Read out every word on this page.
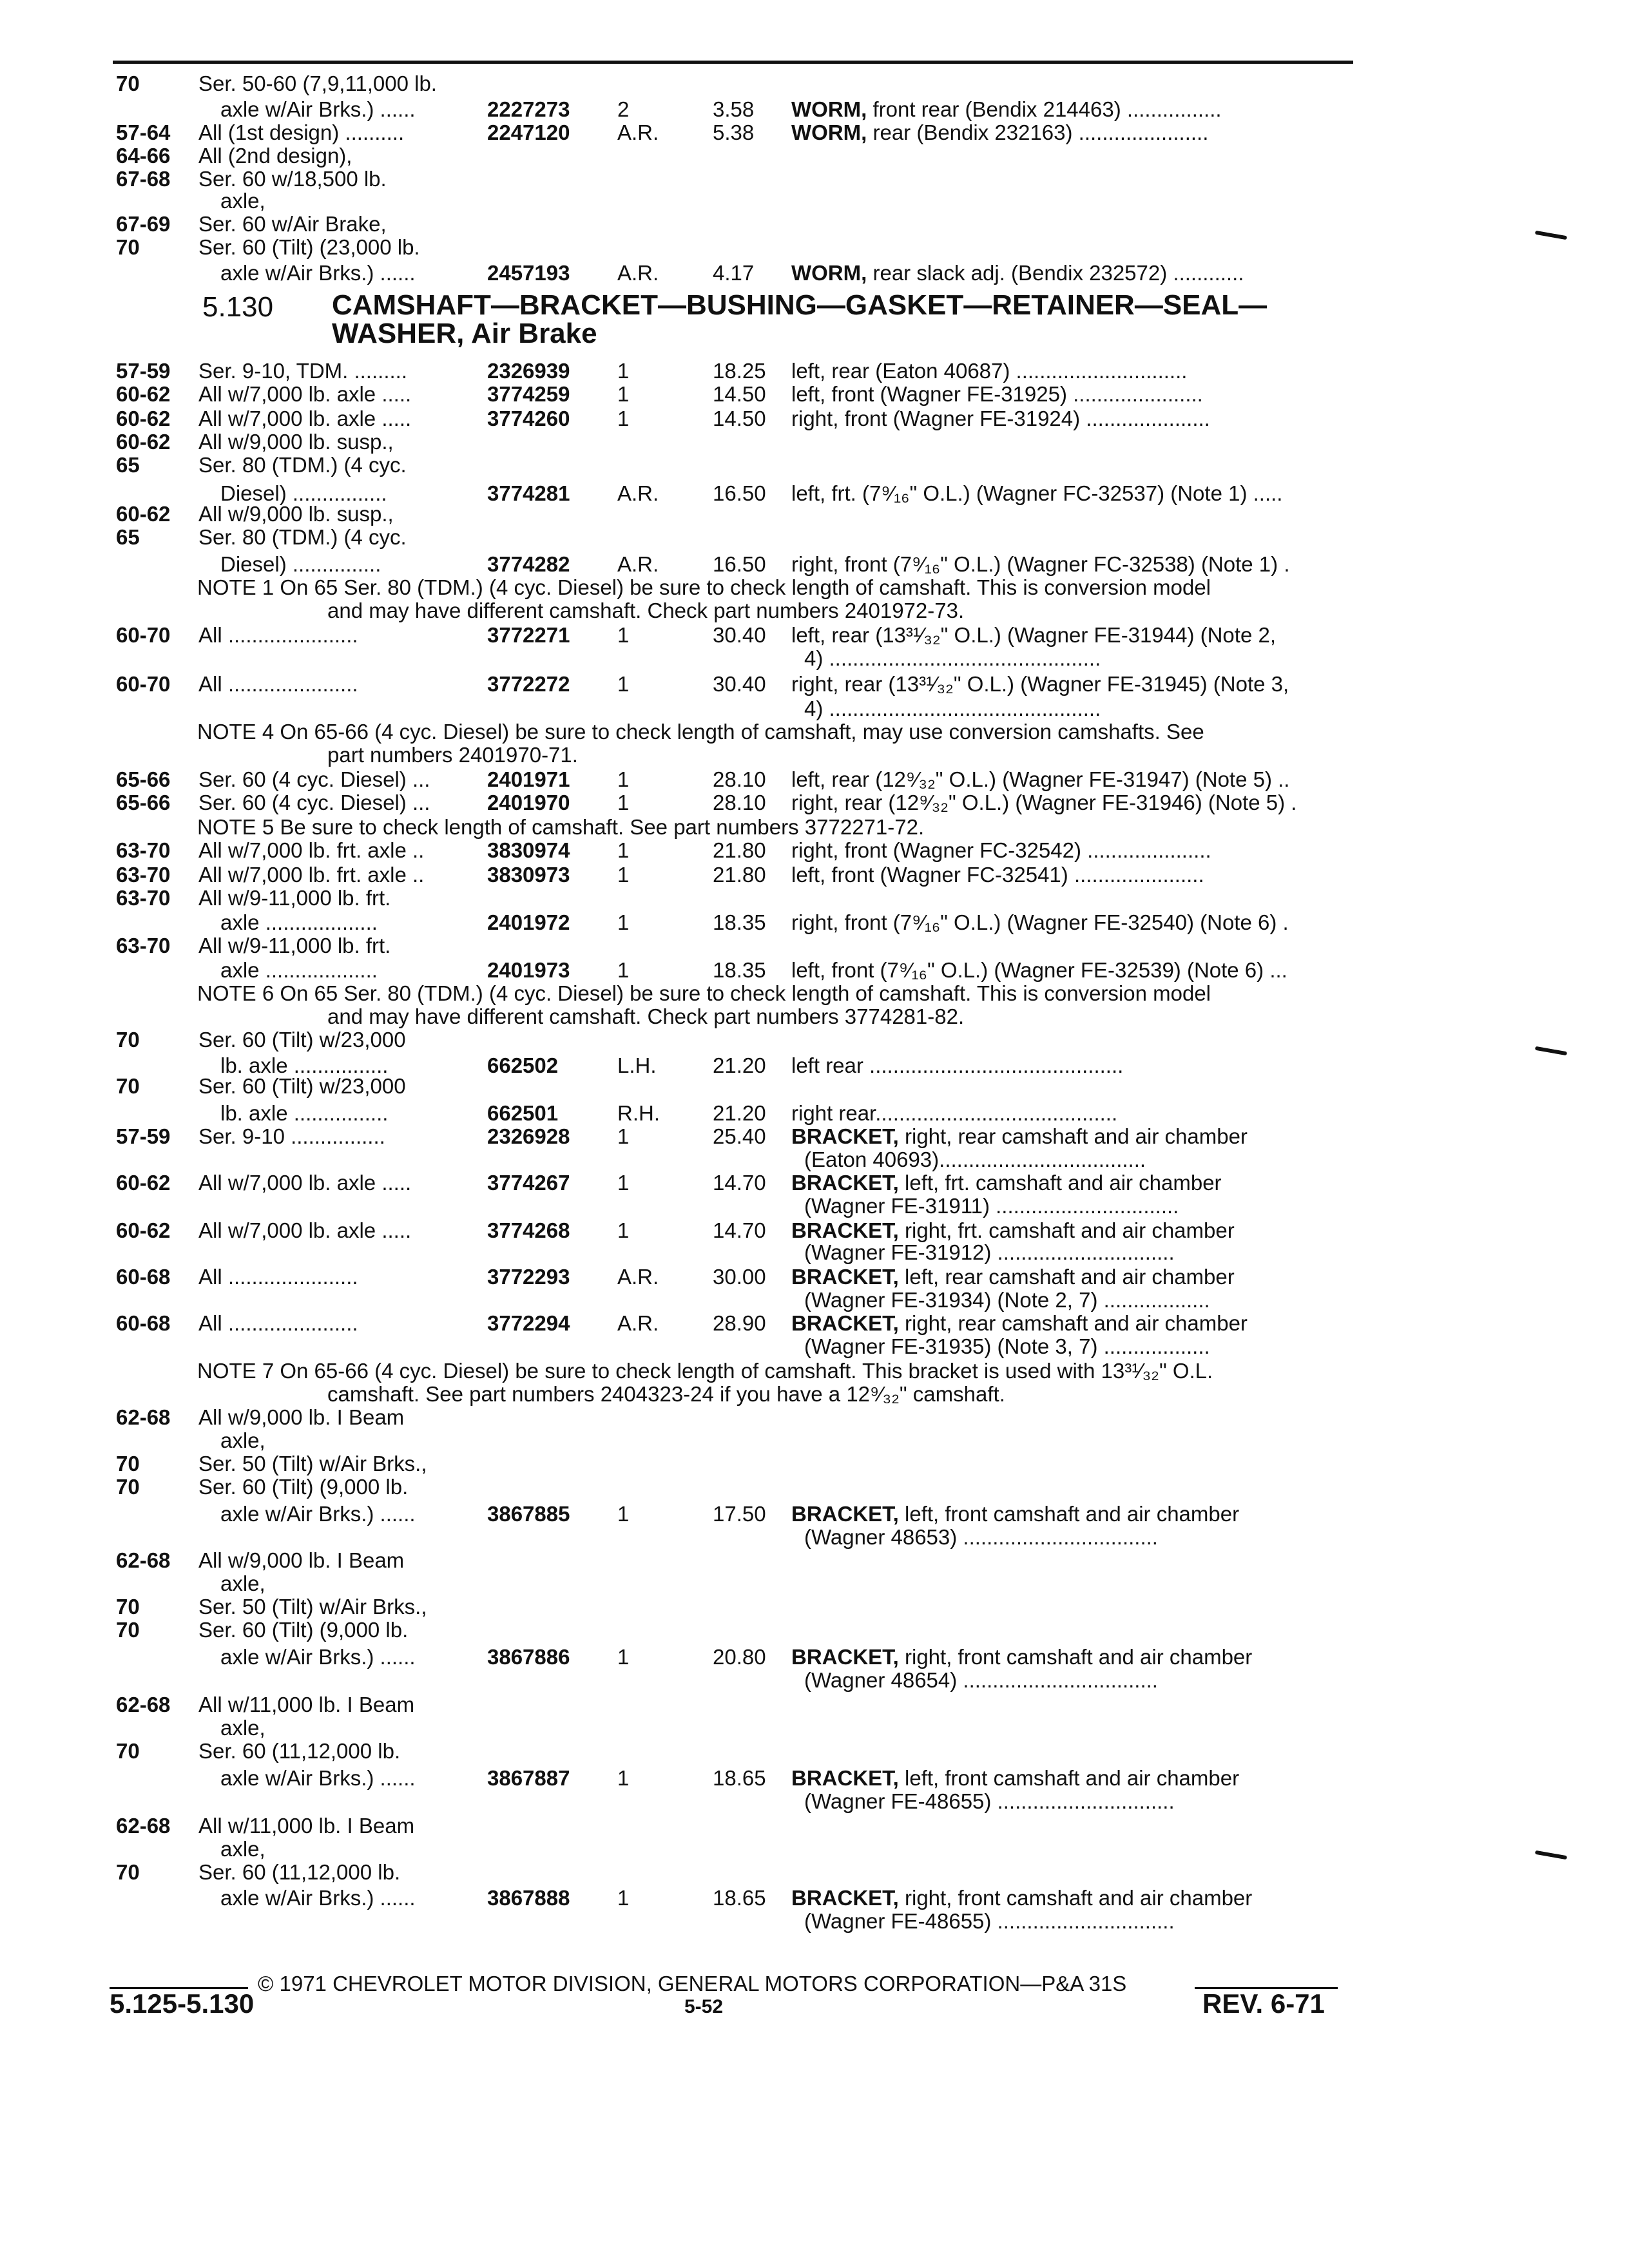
5.130 CAMSHAFT—BRACKET—BUSHING—GASKET—RETAINER—SEAL—
WASHER, Air Brake
70	Ser. 50-60 (7,9,11,000 lb.
axle w/Air Brks.) ......	2227273 2	3.58 WORM, front rear (Bendix 214463) ................
57-64 All (1st design) ..........	2247120 A.R.	5.38 WORM, rear (Bendix 232163) ......................
64-66 All (2nd design),
67-68 Ser. 60 w/18,500 lb.
axle,
67-69 Ser. 60 w/Air Brake,
70	Ser. 60 (Tilt) (23,000 lb.
axle w/Air Brks.) ......	2457193 A.R.	4.17 WORM, rear slack adj. (Bendix 232572) ............
57-59 Ser. 9-10, TDM. .........	2326939 1	18.25 left, rear (Eaton 40687) .............................
60-62 All w/7,000 lb. axle .....	3774259 1	14.50 left, front (Wagner FE-31925) ......................
60-62 All w/7,000 lb. axle .....	3774260 1	14.50 right, front (Wagner FE-31924) .....................
60-62 All w/9,000 lb. susp.,
65	Ser. 80 (TDM.) (4 cyc.
Diesel) ................	3774281 A.R.	16.50 left, frt. (7⁹⁄₁₆" O.L.) (Wagner FC-32537) (Note 1) .....
60-62 All w/9,000 lb. susp.,
65	Ser. 80 (TDM.) (4 cyc.
Diesel) ...............	3774282 A.R.	16.50 right, front (7⁹⁄₁₆" O.L.) (Wagner FC-32538) (Note 1) .
NOTE 1 On 65 Ser. 80 (TDM.) (4 cyc. Diesel) be sure to check length of camshaft. This is conversion model
and may have different camshaft. Check part numbers 2401972-73.
60-70 All ......................	3772271 1	30.40 left, rear (13³¹⁄₃₂" O.L.) (Wagner FE-31944) (Note 2,
4) ..............................................
60-70 All ......................	3772272 1	30.40 right, rear (13³¹⁄₃₂" O.L.) (Wagner FE-31945) (Note 3,
4) ..............................................
NOTE 4 On 65-66 (4 cyc. Diesel) be sure to check length of camshaft, may use conversion camshafts. See
part numbers 2401970-71.
65-66 Ser. 60 (4 cyc. Diesel) ...	2401971 1	28.10 left, rear (12⁹⁄₃₂" O.L.) (Wagner FE-31947) (Note 5) ..
65-66 Ser. 60 (4 cyc. Diesel) ...	2401970 1	28.10 right, rear (12⁹⁄₃₂" O.L.) (Wagner FE-31946) (Note 5) .
NOTE 5 Be sure to check length of camshaft. See part numbers 3772271-72.
63-70 All w/7,000 lb. frt. axle ..	3830974 1	21.80 right, front (Wagner FC-32542) .....................
63-70 All w/7,000 lb. frt. axle ..	3830973 1	21.80 left, front (Wagner FC-32541) ......................
63-70 All w/9-11,000 lb. frt.
axle ...................	2401972 1	18.35 right, front (7⁹⁄₁₆" O.L.) (Wagner FE-32540) (Note 6) .
63-70 All w/9-11,000 lb. frt.
axle ...................	2401973 1	18.35 left, front (7⁹⁄₁₆" O.L.) (Wagner FE-32539) (Note 6) ...
NOTE 6 On 65 Ser. 80 (TDM.) (4 cyc. Diesel) be sure to check length of camshaft. This is conversion model
and may have different camshaft. Check part numbers 3774281-82.
70	Ser. 60 (Tilt) w/23,000
lb. axle ................	662502	L.H.	21.20 left rear ...........................................
70	Ser. 60 (Tilt) w/23,000
lb. axle ................	662501	R.H. 21.20 right rear.........................................
57-59 Ser. 9-10 ................	2326928 1	25.40 BRACKET, right, rear camshaft and air chamber
(Eaton 40693)...................................
60-62 All w/7,000 lb. axle .....	3774267 1	14.70 BRACKET, left, frt. camshaft and air chamber
(Wagner FE-31911) ...............................
60-62 All w/7,000 lb. axle .....	3774268 1	14.70 BRACKET, right, frt. camshaft and air chamber
(Wagner FE-31912) ..............................
60-68 All ......................	3772293 A.R.	30.00 BRACKET, left, rear camshaft and air chamber
(Wagner FE-31934) (Note 2, 7) ..................
60-68 All ......................	3772294 A.R.	28.90 BRACKET, right, rear camshaft and air chamber
(Wagner FE-31935) (Note 3, 7) ..................
NOTE 7 On 65-66 (4 cyc. Diesel) be sure to check length of camshaft. This bracket is used with 13³¹⁄₃₂" O.L.
camshaft. See part numbers 2404323-24 if you have a 12⁹⁄₃₂" camshaft.
62-68 All w/9,000 lb. I Beam
axle,
70	Ser. 50 (Tilt) w/Air Brks.,
70	Ser. 60 (Tilt) (9,000 lb.
axle w/Air Brks.) ......	3867885 1	17.50 BRACKET, left, front camshaft and air chamber
(Wagner 48653) .................................
62-68 All w/9,000 lb. I Beam
axle,
70	Ser. 50 (Tilt) w/Air Brks.,
70	Ser. 60 (Tilt) (9,000 lb.
axle w/Air Brks.) ......	3867886 1	20.80 BRACKET, right, front camshaft and air chamber
(Wagner 48654) .................................
62-68 All w/11,000 lb. I Beam
axle,
70	Ser. 60 (11,12,000 lb.
axle w/Air Brks.) ......	3867887 1	18.65 BRACKET, left, front camshaft and air chamber
(Wagner FE-48655) ..............................
62-68 All w/11,000 lb. I Beam
axle,
70	Ser. 60 (11,12,000 lb.
axle w/Air Brks.) ......	3867888 1	18.65 BRACKET, right, front camshaft and air chamber
(Wagner FE-48655) ..............................
© 1971 CHEVROLET MOTOR DIVISION, GENERAL MOTORS CORPORATION—P&A 31S
5.125-5.130	5-52	REV. 6-71
